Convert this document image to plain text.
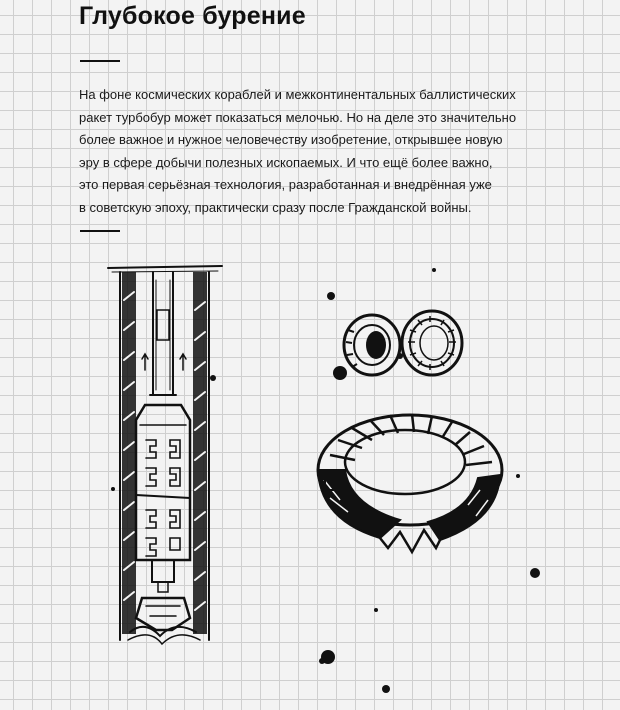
Глубокое бурение

На фоне космических кораблей и межконтинентальных баллистических
ракет турбобур может показаться мелочью. Но на деле это значительно
более важное и нужное человечеству изобретение, открывшее новую
эру в сфере добычи полезных ископаемых. И что ещё более важно,
это первая серьёзная технология, разработанная и внедрённая уже
в советскую эпоху, практически сразу после Гражданской войны.
